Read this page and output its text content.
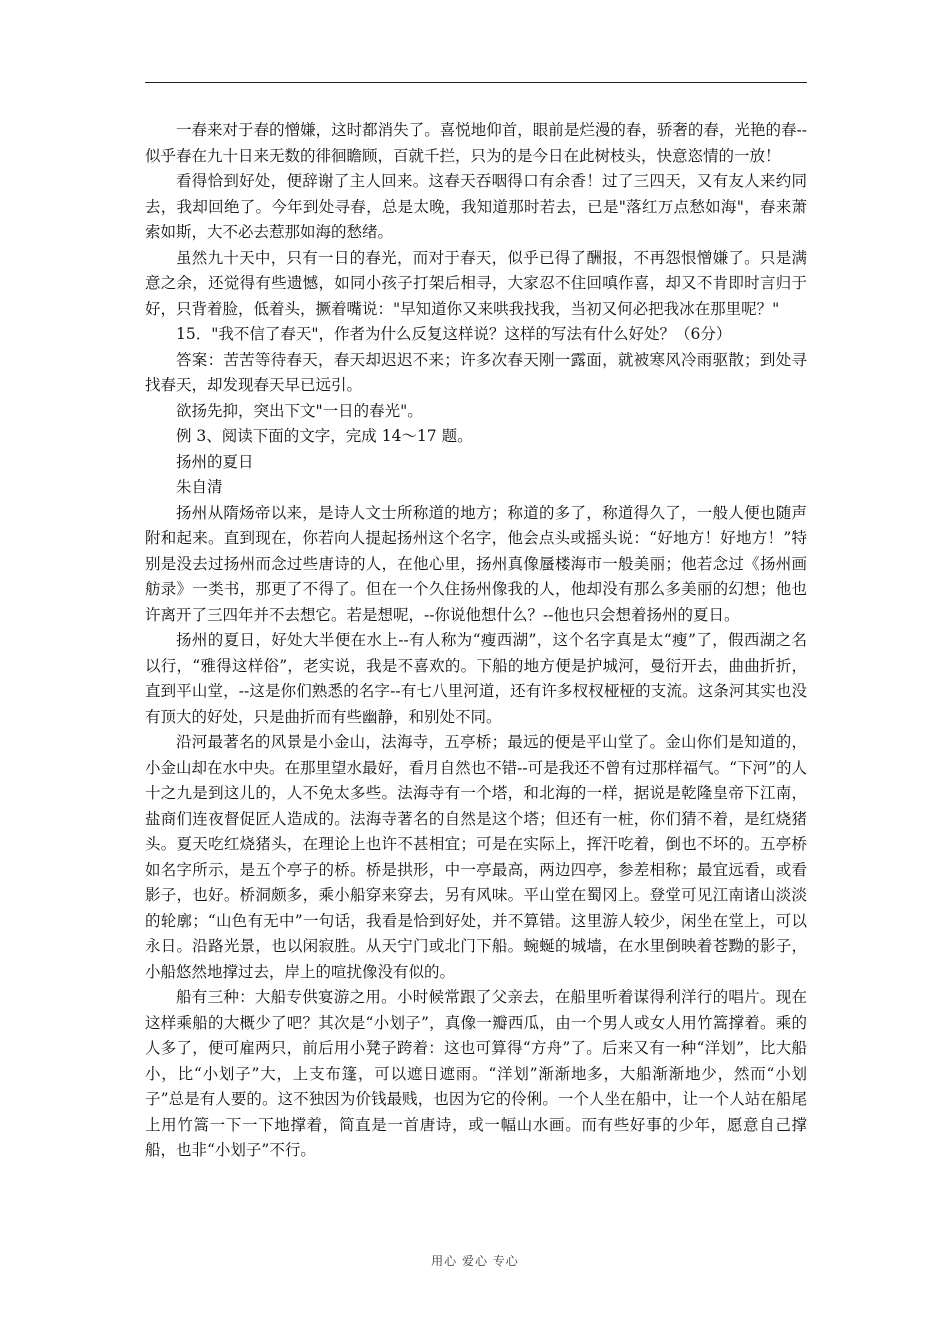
一春来对于春的憎嫌，这时都消失了。喜悦地仰首，眼前是烂漫的春，骄奢的春，光艳的春--似乎春在九十日来无数的徘徊瞻顾，百就千拦，只为的是今日在此树枝头，快意恣情的一放！

看得恰到好处，便辞谢了主人回来。这春天吞咽得口有余香！过了三四天，又有友人来约同去，我却回绝了。今年到处寻春，总是太晚，我知道那时若去，已是"落红万点愁如海"，春来萧索如斯，大不必去惹那如海的愁绪。

虽然九十天中，只有一日的春光，而对于春天，似乎已得了酬报，不再怨恨憎嫌了。只是满意之余，还觉得有些遗憾，如同小孩子打架后相寻，大家忍不住回嗔作喜，却又不肯即时言归于好，只背着脸，低着头，撅着嘴说："早知道你又来哄我找我，当初又何必把我冰在那里呢？"

15．"我不信了春天"，作者为什么反复这样说？这样的写法有什么好处？（6分）

答案：苦苦等待春天，春天却迟迟不来；许多次春天刚一露面，就被寒风冷雨驱散；到处寻找春天，却发现春天早已远引。

欲扬先抑，突出下文"一日的春光"。

例 3、阅读下面的文字，完成 14～17 题。

扬州的夏日

朱自清

扬州从隋炀帝以来，是诗人文士所称道的地方；称道的多了，称道得久了，一般人便也随声附和起来。直到现在，你若向人提起扬州这个名字，他会点头或摇头说：“好地方！好地方！”特别是没去过扬州而念过些唐诗的人，在他心里，扬州真像蜃楼海市一般美丽；他若念过《扬州画舫录》一类书，那更了不得了。但在一个久住扬州像我的人，他却没有那么多美丽的幻想；他也许离开了三四年并不去想它。若是想呢，--你说他想什么？--他也只会想着扬州的夏日。

扬州的夏日，好处大半便在水上--有人称为“瘦西湖”，这个名字真是太“瘦”了，假西湖之名以行，“雅得这样俗”，老实说，我是不喜欢的。下船的地方便是护城河，曼衍开去，曲曲折折，直到平山堂，--这是你们熟悉的名字--有七八里河道，还有许多杈杈桠桠的支流。这条河其实也没有顶大的好处，只是曲折而有些幽静，和别处不同。

沿河最著名的风景是小金山，法海寺，五亭桥；最远的便是平山堂了。金山你们是知道的，小金山却在水中央。在那里望水最好，看月自然也不错--可是我还不曾有过那样福气。“下河”的人十之九是到这儿的，人不免太多些。法海寺有一个塔，和北海的一样，据说是乾隆皇帝下江南，盐商们连夜督促匠人造成的。法海寺著名的自然是这个塔；但还有一桩，你们猜不着，是红烧猪头。夏天吃红烧猪头，在理论上也许不甚相宜；可是在实际上，挥汗吃着，倒也不坏的。五亭桥如名字所示，是五个亭子的桥。桥是拱形，中一亭最高，两边四亭，参差相称；最宜远看，或看影子，也好。桥洞颇多，乘小船穿来穿去，另有风味。平山堂在蜀冈上。登堂可见江南诸山淡淡的轮廓；“山色有无中”一句话，我看是恰到好处，并不算错。这里游人较少，闲坐在堂上，可以永日。沿路光景，也以闲寂胜。从天宁门或北门下船。蜿蜒的城墙，在水里倒映着苍黝的影子，小船悠然地撑过去，岸上的喧扰像没有似的。

船有三种：大船专供宴游之用。小时候常跟了父亲去，在船里听着谋得利洋行的唱片。现在这样乘船的大概少了吧？其次是“小划子”，真像一瓣西瓜，由一个男人或女人用竹篙撑着。乘的人多了，便可雇两只，前后用小凳子跨着：这也可算得“方舟”了。后来又有一种“洋划”，比大船小，比“小划子”大，上支布篷，可以遮日遮雨。“洋划”渐渐地多，大船渐渐地少，然而“小划子”总是有人要的。这不独因为价钱最贱，也因为它的伶俐。一个人坐在船中，让一个人站在船尾上用竹篙一下一下地撑着，简直是一首唐诗，或一幅山水画。而有些好事的少年，愿意自己撑船，也非“小划子”不行。

用心 爱心 专心
